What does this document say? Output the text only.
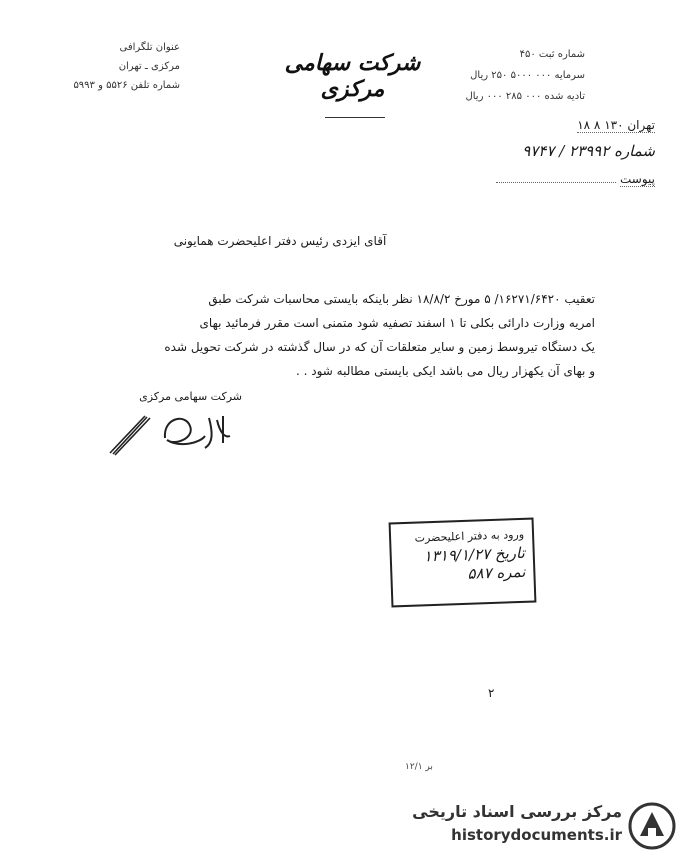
عنوان تلگرافی
مرکزی ـ تهران
شماره تلفن ۵۵۲۶ و ۵۹۹۳
شرکت سهامی مرکزی
شماره ثبت ۴۵۰
سرمایه ۰۰۰ ۵۰۰۰ ۲۵۰ ریال
تادیه شده ۰۰۰ ۲۸۵ ۰۰۰ ریال
تهران ۱۳۰ ۸ ۱۸
شماره ۲۳۹۹۲ / ۹۷۴۷
پیوست
آقای ایزدی رئیس دفتر اعلیحضرت همایونی
تعقیب ۱۶۲۷۱/۶۴۲۰/ ۵ مورخ ۱۸/۸/۲ نظر باینکه بایستی محاسبات شرکت طبق
امریه وزارت دارائی بکلی تا ۱ اسفند تصفیه شود متمنی است مقرر فرمائید بهای
یک دستگاه تیروسط زمین و سایر متعلقات آن که در سال گذشته در شرکت تحویل شده
و بهای آن یکهزار ریال می باشد ایکی بایستی مطالبه شود . .
شرکت سهامی مرکزی
ورود به دفتر اعلیحضرت
تاریخ ۱۳۱۹/۱/۲۷
نمره ۵۸۷
۲
بر ۱۲/۱
مرکز بررسی اسناد تاریخی
historydocuments.ir
